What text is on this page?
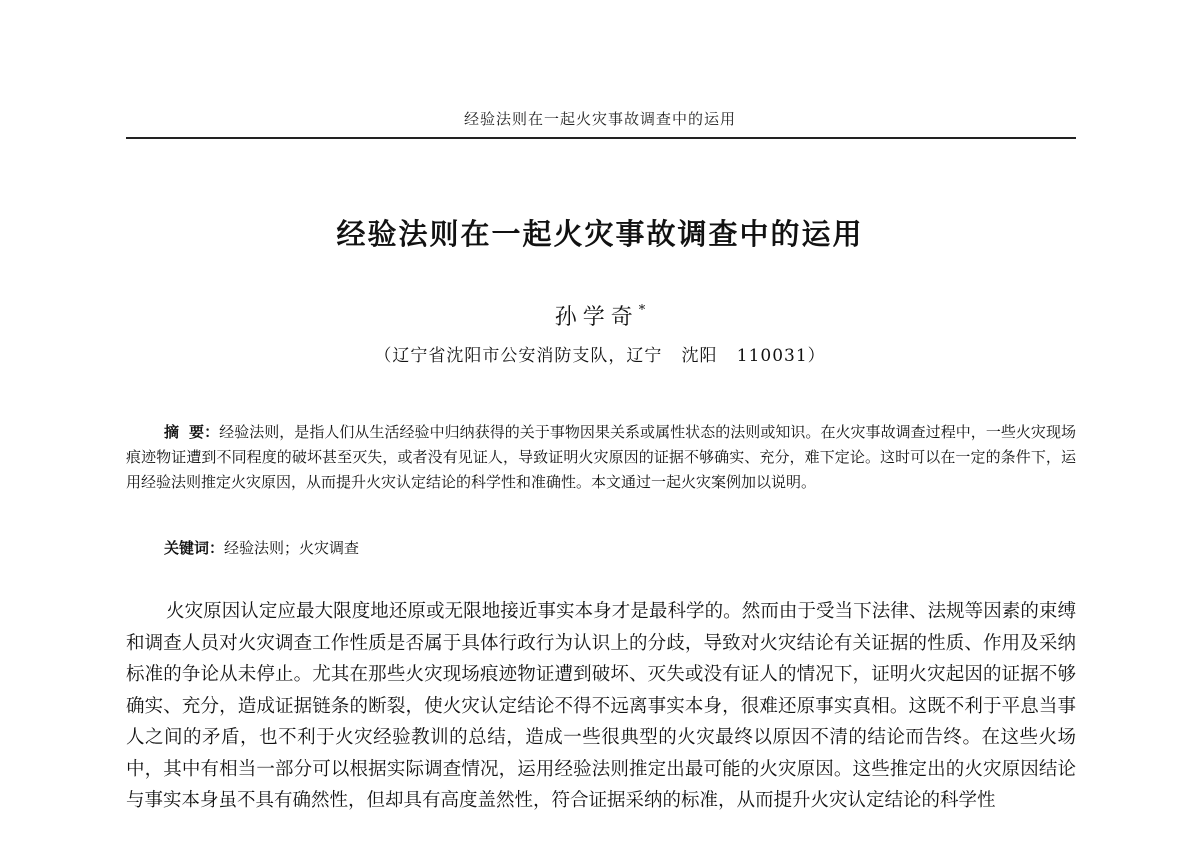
经验法则在一起火灾事故调查中的运用
经验法则在一起火灾事故调查中的运用
孙学奇*
（辽宁省沈阳市公安消防支队，辽宁   沈阳   110031）
摘要：经验法则，是指人们从生活经验中归纳获得的关于事物因果关系或属性状态的法则或知识。在火灾事故调查过程中，一些火灾现场痕迹物证遭到不同程度的破坏甚至灭失，或者没有见证人，导致证明火灾原因的证据不够确实、充分，难下定论。这时可以在一定的条件下，运用经验法则推定火灾原因，从而提升火灾认定结论的科学性和准确性。本文通过一起火灾案例加以说明。
关键词：经验法则；火灾调查
火灾原因认定应最大限度地还原或无限地接近事实本身才是最科学的。然而由于受当下法律、法规等因素的束缚和调查人员对火灾调查工作性质是否属于具体行政行为认识上的分歧，导致对火灾结论有关证据的性质、作用及采纳标准的争论从未停止。尤其在那些火灾现场痕迹物证遭到破坏、灭失或没有证人的情况下，证明火灾起因的证据不够确实、充分，造成证据链条的断裂，使火灾认定结论不得不远离事实本身，很难还原事实真相。这既不利于平息当事人之间的矛盾，也不利于火灾经验教训的总结，造成一些很典型的火灾最终以原因不清的结论而告终。在这些火场中，其中有相当一部分可以根据实际调查情况，运用经验法则推定出最可能的火灾原因。这些推定出的火灾原因结论与事实本身虽不具有确然性，但却具有高度盖然性，符合证据采纳的标准，从而提升火灾认定结论的科学性
